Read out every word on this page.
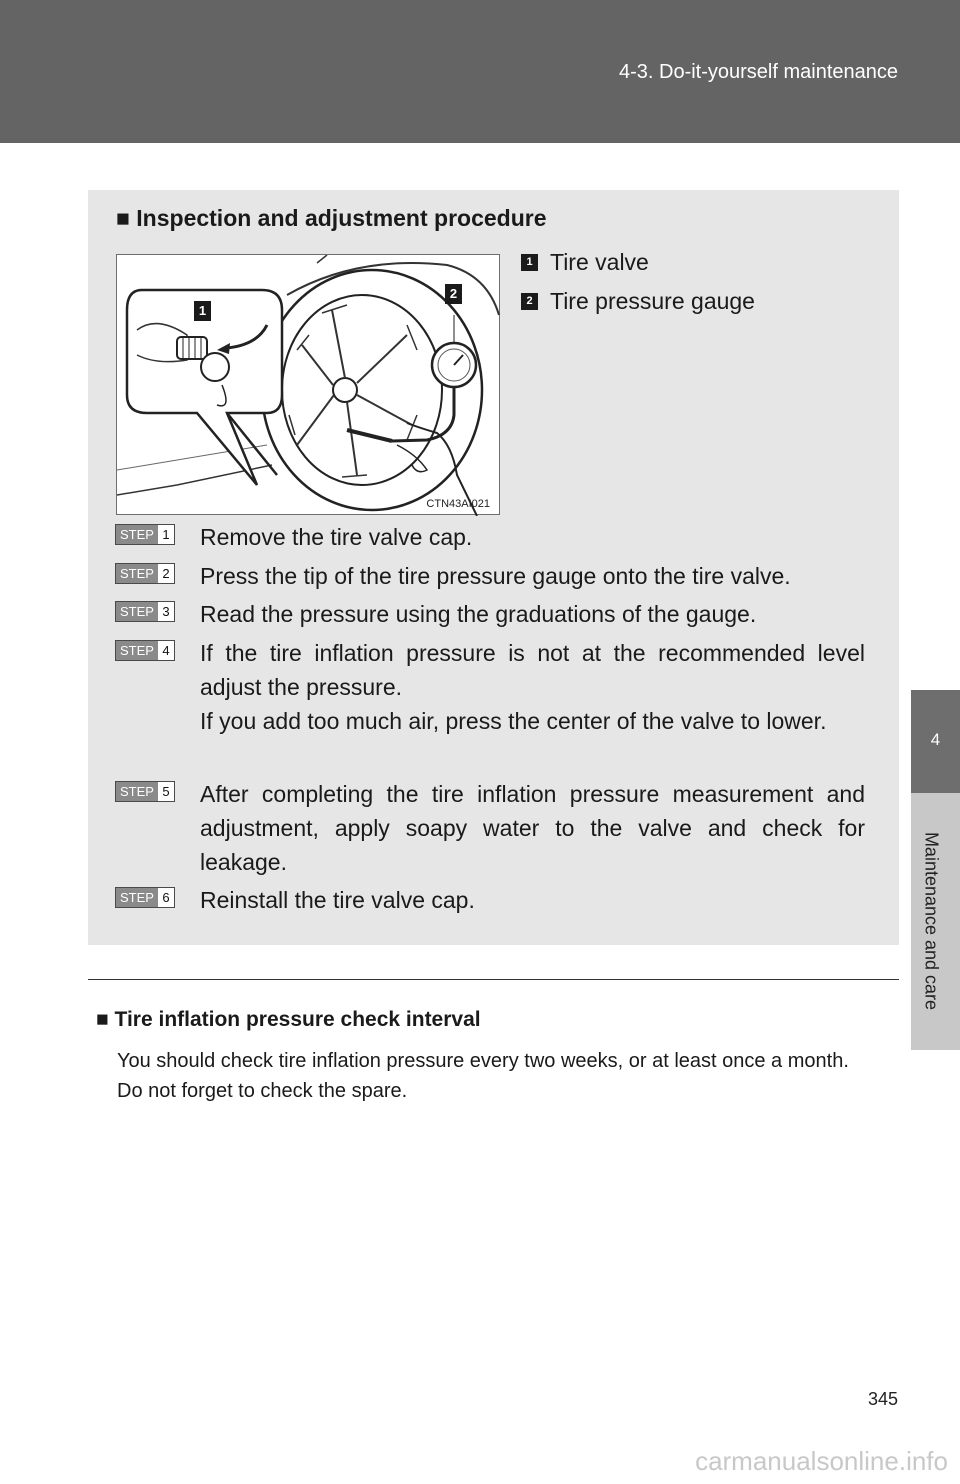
4-3. Do-it-yourself maintenance
4
Maintenance and care
■ Inspection and adjustment procedure
1
2
CTN43AI021
1 Tire valve
2 Tire pressure gauge
STEP 1 Remove the tire valve cap.
STEP 2 Press the tip of the tire pressure gauge onto the tire valve.
STEP 3 Read the pressure using the graduations of the gauge.
STEP 4 If the tire inflation pressure is not at the recommended level adjust the pressure.
If you add too much air, press the center of the valve to lower.
STEP 5 After completing the tire inflation pressure measurement and adjustment, apply soapy water to the valve and check for leakage.
STEP 6 Reinstall the tire valve cap.
■ Tire inflation pressure check interval
You should check tire inflation pressure every two weeks, or at least once a month.
Do not forget to check the spare.
345
carmanualsonline.info
